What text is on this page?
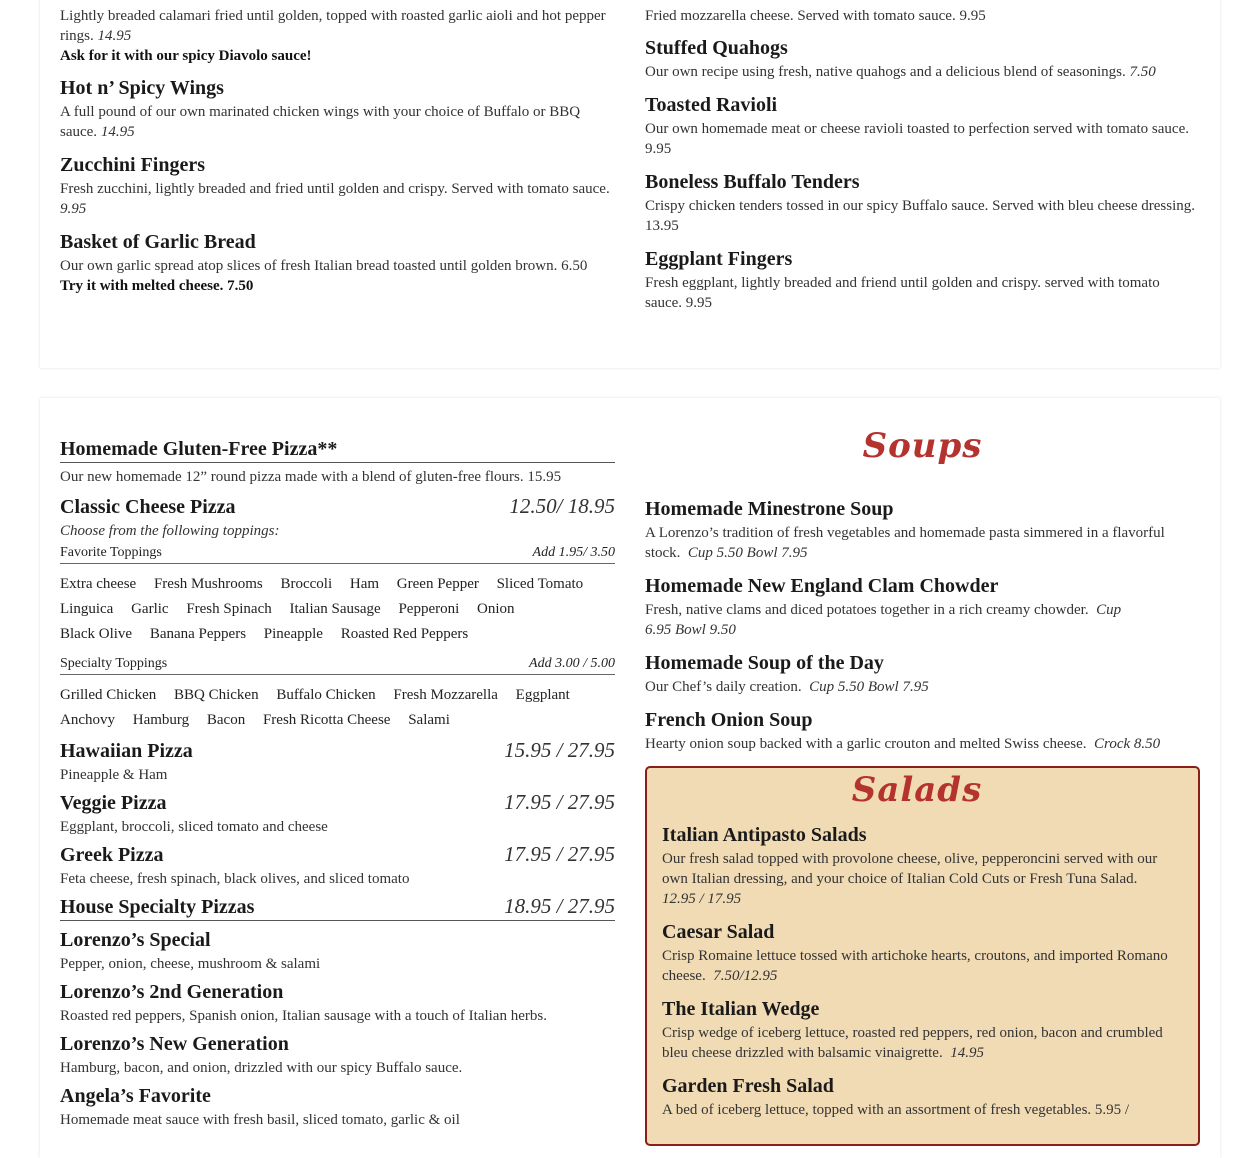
Lightly breaded calamari fried until golden, topped with roasted garlic aioli and hot pepper rings. 14.95

Ask for it with our spicy Diavolo sauce!

Hot n’ Spicy Wings

A full pound of our own marinated chicken wings with your choice of Buffalo or BBQ sauce. 14.95

Zucchini Fingers

Fresh zucchini, lightly breaded and fried until golden and crispy. Served with tomato sauce. 9.95

Basket of Garlic Bread

Our own garlic spread atop slices of fresh Italian bread toasted until golden brown. 6.50

Try it with melted cheese. 7.50

Fried mozzarella cheese. Served with tomato sauce. 9.95

Stuffed Quahogs

Our own recipe using fresh, native quahogs and a delicious blend of seasonings. 7.50

Toasted Ravioli

Our own homemade meat or cheese ravioli toasted to perfection served with tomato sauce. 9.95

Boneless Buffalo Tenders

Crispy chicken tenders tossed in our spicy Buffalo sauce. Served with bleu cheese dressing. 13.95

Eggplant Fingers

Fresh eggplant, lightly breaded and friend until golden and crispy. served with tomato sauce. 9.95

Homemade Gluten-Free Pizza**

Our new homemade 12” round pizza made with a blend of gluten-free flours. 15.95

Classic Cheese Pizza	12.50/ 18.95

Choose from the following toppings:

Favorite Toppings	Add 1.95/ 3.50
Extra cheese Fresh Mushrooms Broccoli Ham Green Pepper Sliced Tomato Linguica Garlic Fresh Spinach Italian Sausage Pepperoni Onion Black Olive Banana Peppers Pineapple Roasted Red Peppers
Specialty Toppings	Add 3.00 / 5.00
Grilled Chicken BBQ Chicken Buffalo Chicken Fresh Mozzarella Eggplant Anchovy Hamburg Bacon Fresh Ricotta Cheese Salami
Hawaiian Pizza	15.95 / 27.95

Pineapple & Ham

Veggie Pizza	17.95 / 27.95

Eggplant, broccoli, sliced tomato and cheese

Greek Pizza	17.95 / 27.95

Feta cheese, fresh spinach, black olives, and sliced tomato

House Specialty Pizzas	18.95 / 27.95
Lorenzo’s Special

Pepper, onion, cheese, mushroom & salami

Lorenzo’s 2nd Generation

Roasted red peppers, Spanish onion, Italian sausage with a touch of Italian herbs.

Lorenzo’s New Generation

Hamburg, bacon, and onion, drizzled with our spicy Buffalo sauce.

Angela’s Favorite

Homemade meat sauce with fresh basil, sliced tomato, garlic & oil

Soups
Homemade Minestrone Soup

A Lorenzo’s tradition of fresh vegetables and homemade pasta simmered in a flavorful stock. Cup 5.50 Bowl 7.95

Homemade New England Clam Chowder

Fresh, native clams and diced potatoes together in a rich creamy chowder. Cup 6.95 Bowl 9.50

Homemade Soup of the Day

Our Chef’s daily creation. Cup 5.50 Bowl 7.95

French Onion Soup

Hearty onion soup backed with a garlic crouton and melted Swiss cheese. Crock 8.50

Salads
Italian Antipasto Salads

Our fresh salad topped with provolone cheese, olive, pepperoncini served with our own Italian dressing, and your choice of Italian Cold Cuts or Fresh Tuna Salad.  12.95 / 17.95

Caesar Salad

Crisp Romaine lettuce tossed with artichoke hearts, croutons, and imported Romano cheese. 7.50/12.95

The Italian Wedge

Crisp wedge of iceberg lettuce, roasted red peppers, red onion, bacon and crumbled bleu cheese drizzled with balsamic vinaigrette. 14.95

Garden Fresh Salad

A bed of iceberg lettuce, topped with an assortment of fresh vegetables. 5.95 /
